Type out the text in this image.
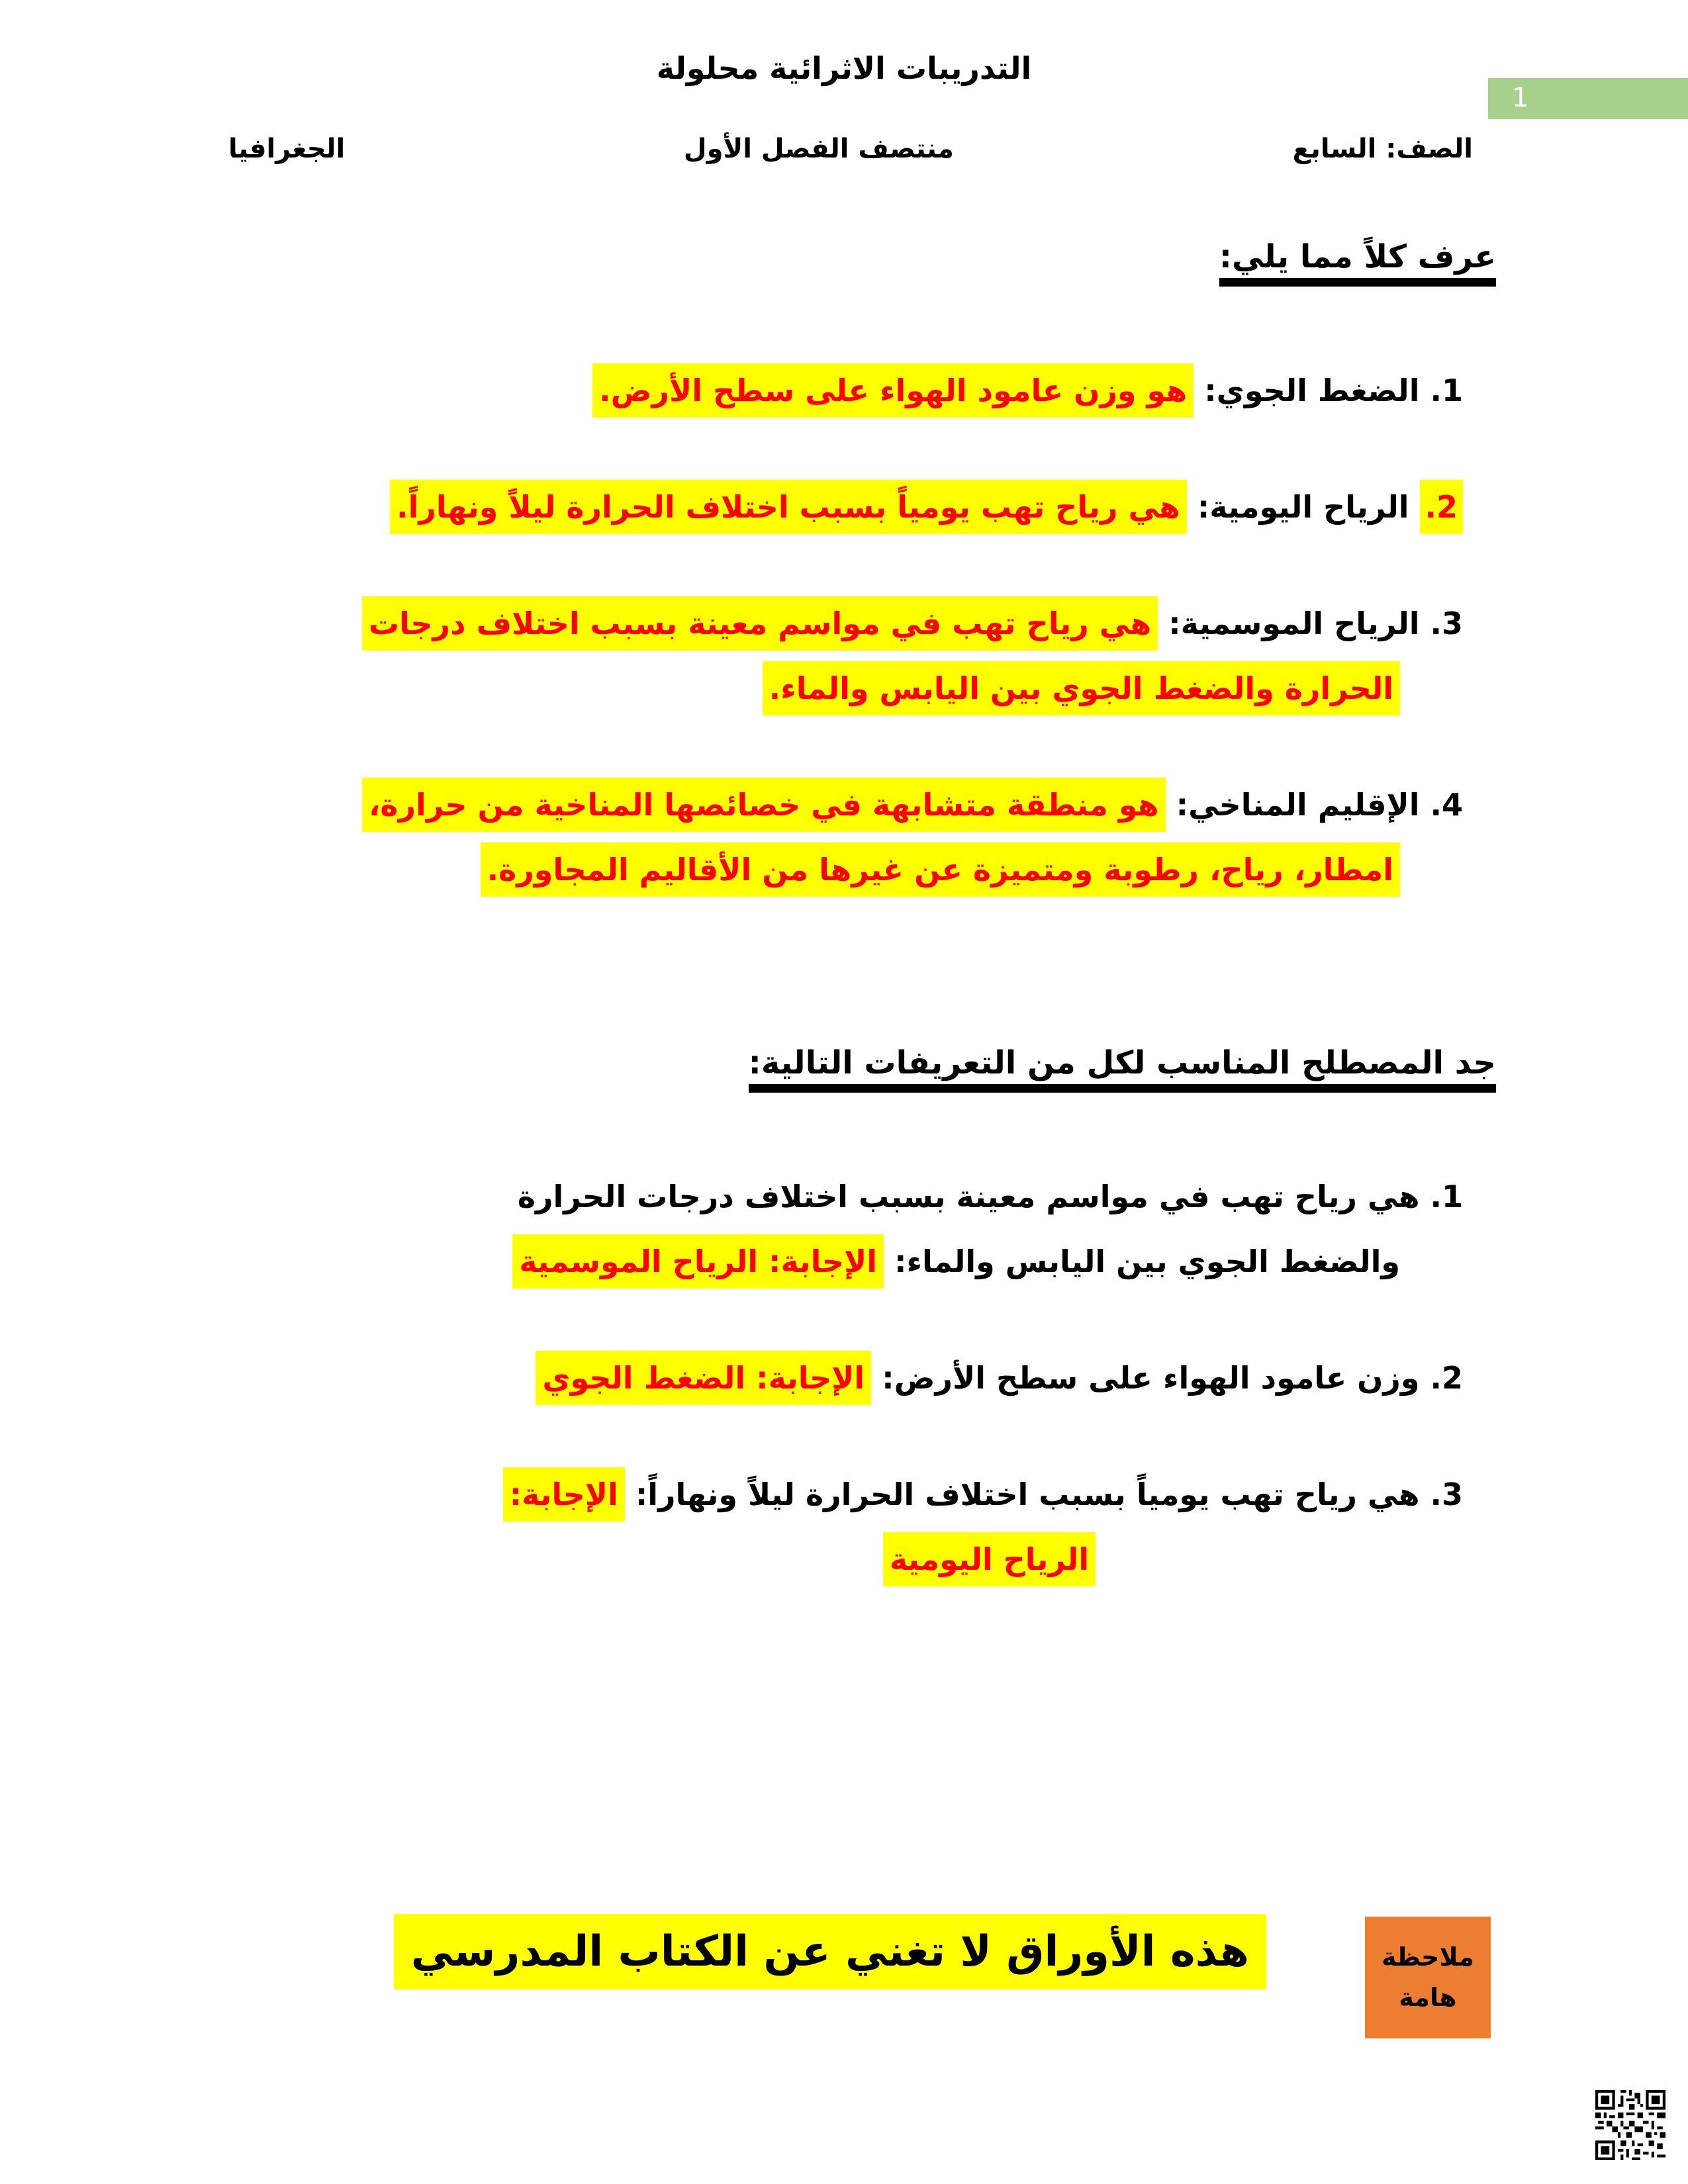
1
التدريبات الاثرائية محلولة
الصف: السابع
منتصف الفصل الأول
الجغرافيا
عرف كلاً مما يلي:
1. الضغط الجوي: هو وزن عامود الهواء على سطح الأرض.
2. الرياح اليومية: هي رياح تهب يومياً بسبب اختلاف الحرارة ليلاً ونهاراً.
3. الرياح الموسمية: هي رياح تهب في مواسم معينة بسبب اختلاف درجات
الحرارة والضغط الجوي بين اليابس والماء.
4. الإقليم المناخي: هو منطقة متشابهة في خصائصها المناخية من حرارة،
امطار، رياح، رطوبة ومتميزة عن غيرها من الأقاليم المجاورة.
جد المصطلح المناسب لكل من التعريفات التالية:
1. هي رياح تهب في مواسم معينة بسبب اختلاف درجات الحرارة
والضغط الجوي بين اليابس والماء: الإجابة: الرياح الموسمية
2. وزن عامود الهواء على سطح الأرض: الإجابة: الضغط الجوي
3. هي رياح تهب يومياً بسبب اختلاف الحرارة ليلاً ونهاراً: الإجابة:
الرياح اليومية
هذه الأوراق لا تغني عن الكتاب المدرسي	ملاحظة هامة
